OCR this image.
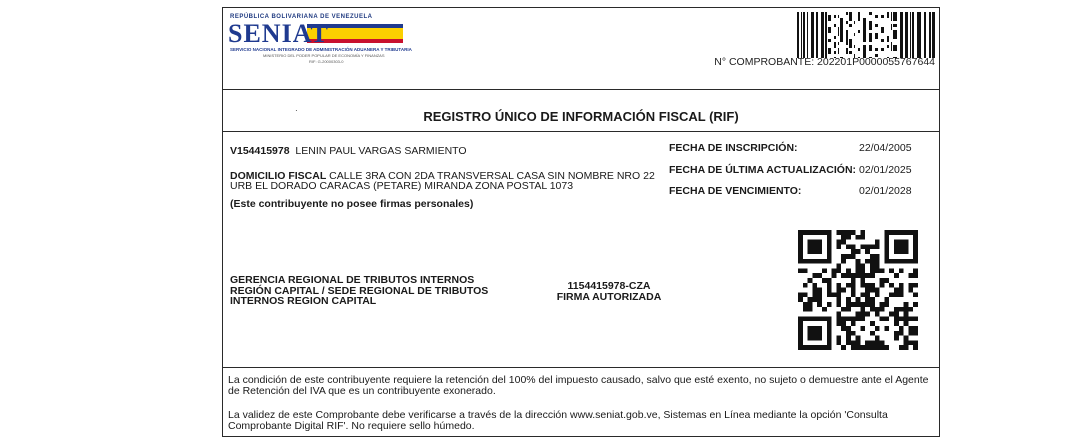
REPÚBLICA BOLIVARIANA DE VENEZUELA
SENIAT
SERVICIO NACIONAL INTEGRADO DE ADMINISTRACIÓN ADUANERA Y TRIBUTARIA
MINISTERIO DEL PODER POPULAR DE ECONOMÍA Y FINANZAS
RIF: G-20000303-0	N° COMPROBANTE: 202201P0000055767644
·	REGISTRO ÚNICO DE INFORMACIÓN FISCAL (RIF)
V154415978 LENIN PAUL VARGAS SARMIENTO
DOMICILIO FISCAL CALLE 3RA CON 2DA TRANSVERSAL CASA SIN NOMBRE NRO 22 URB EL DORADO CARACAS (PETARE) MIRANDA ZONA POSTAL 1073
(Este contribuyente no posee firmas personales)
FECHA DE INSCRIPCIÓN:	22/04/2005
FECHA DE ÚLTIMA ACTUALIZACIÓN: 02/01/2025
FECHA DE VENCIMIENTO:	02/01/2028
GERENCIA REGIONAL DE TRIBUTOS INTERNOS REGIÓN CAPITAL / SEDE REGIONAL DE TRIBUTOS INTERNOS REGION CAPITAL
1154415978-CZA
FIRMA AUTORIZADA
La condición de este contribuyente requiere la retención del 100% del impuesto causado, salvo que esté exento, no sujeto o demuestre ante el Agente de Retención del IVA que es un contribuyente exonerado.
La validez de este Comprobante debe verificarse a través de la dirección www.seniat.gob.ve, Sistemas en Línea mediante la opción 'Consulta Comprobante Digital RIF'. No requiere sello húmedo.
